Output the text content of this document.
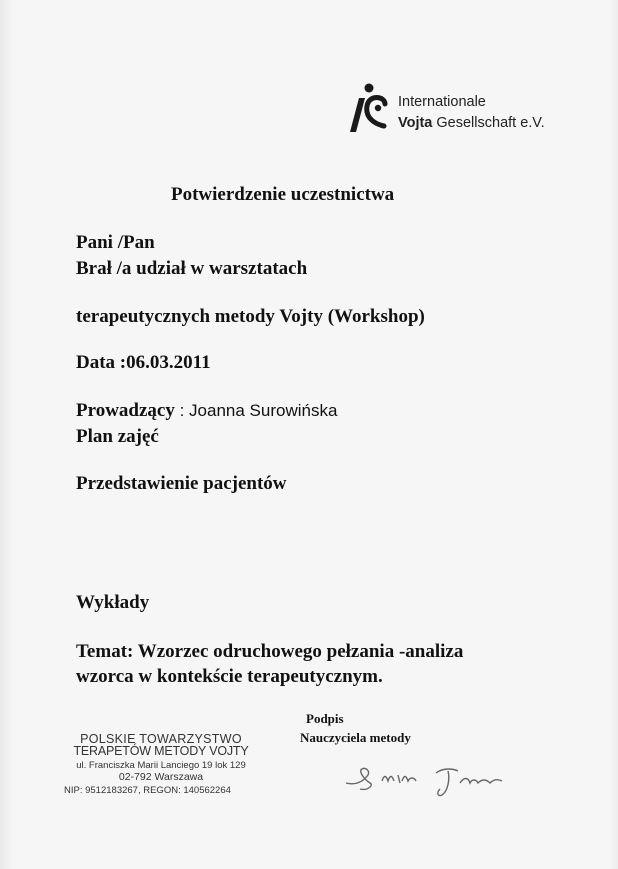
Internationale
Vojta Gesellschaft e.V.
Potwierdzenie uczestnictwa
Pani /Pan
Brał /a udział w warsztatach
terapeutycznych metody Vojty (Workshop)
Data :06.03.2011
Prowadzący : Joanna Surowińska
Plan zajęć
Przedstawienie pacjentów
Wykłady
Temat: Wzorzec odruchowego pełzania -analiza
wzorca w kontekście terapeutycznym.
POLSKIE TOWARZYSTWO
TERAPETÓW METODY VOJTY
ul. Franciszka Marii Lanciego 19 lok 129
02-792 Warszawa
NIP: 9512183267, REGON: 140562264
Podpis
Nauczyciela metody
